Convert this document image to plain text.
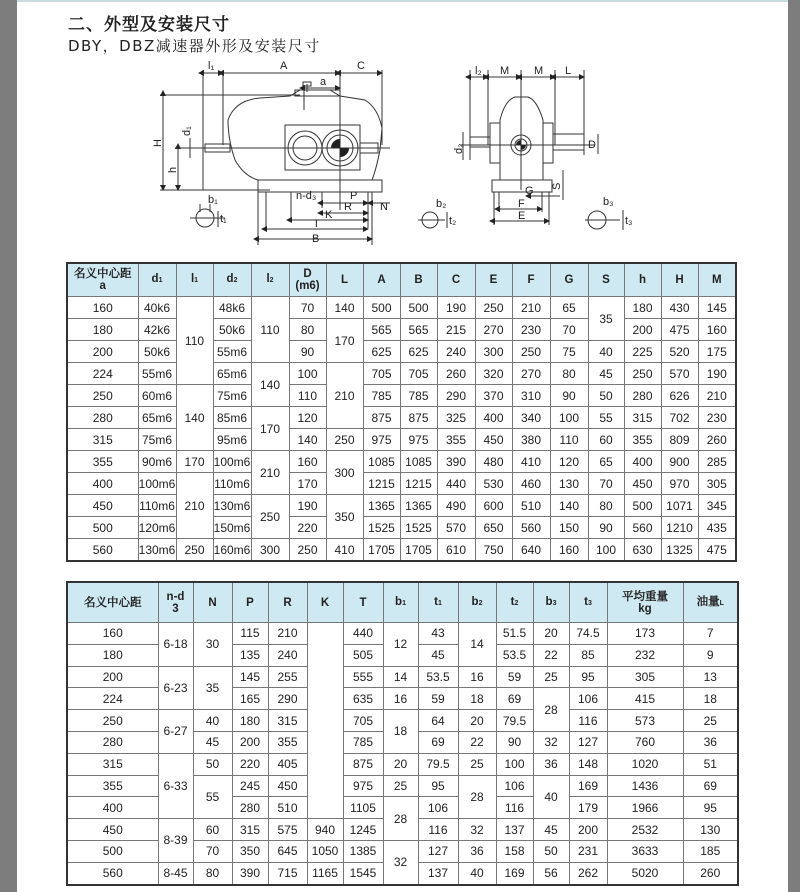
二、外型及安装尺寸
DBY，DBZ减速器外形及安装尺寸
l₁	A
a
C
H
h
d₁
n-d₃	P
R	N
K
T
B
b₁
t₁
l₂ M M L
d₂	D
S
G
F
E
b₂
t₂
b₃
t₃
名义中心距
a	d1	l1	d2	l2	D
(m6)	L	A	B	C	E	F	G	S	h	H	M
160	40k6	110	48k6	110	70	140	500	500	190	250	210	65	35	180	430	145
180	42k6		50k6		80	170	565	565	215	270	230	70		200	475	160
200	50k6		55m6		90		625	625	240	300	250	75	40	225	520	175
224	55m6		65m6	140	100	210	705	705	260	320	270	80	45	250	570	190
250	60m6	140	75m6		110		785	785	290	370	310	90	50	280	626	210
280	65m6		85m6	170	120		875	875	325	400	340	100	55	315	702	230
315	75m6		95m6		140	250	975	975	355	450	380	110	60	355	809	260
355	90m6	170	100m6	210	160	300	1085	1085	390	480	410	120	65	400	900	285
400	100m6	210	110m6		170		1215	1215	440	530	460	130	70	450	970	305
450	110m6		130m6	250	190	350	1365	1365	490	600	510	140	80	500	1071	345
500	120m6		150m6		220		1525	1525	570	650	560	150	90	560	1210	435
560	130m6	250	160m6	300	250	410	1705	1705	610	750	640	160	100	630	1325	475
名义中心距	n-d
3	N	P	R	K	T	b1	t1	b2	t2	b3	t3	平均重量
kg	油量L
160	6-18	30	115	210		440	12	43	14	51.5	20	74.5	173	7
180			135	240		505		45		53.5	22	85	232	9
200	6-23	35	145	255		555	14	53.5	16	59	25	95	305	13
224			165	290		635	16	59	18	69	28	106	415	18
250	6-27	40	180	315		705	18	64	20	79.5		116	573	25
280		45	200	355		785		69	22	90	32	127	760	36
315	6-33	50	220	405		875	20	79.5	25	100	36	148	1020	51
355		55	245	450		975	25	95	28	106	40	169	1436	69
400			280	510		1105	28	106		116		179	1966	95
450	8-39	60	315	575	940	1245		116	32	137	45	200	2532	130
500		70	350	645	1050	1385	32	127	36	158	50	231	3633	185
560	8-45	80	390	715	1165	1545		137	40	169	56	262	5020	260
